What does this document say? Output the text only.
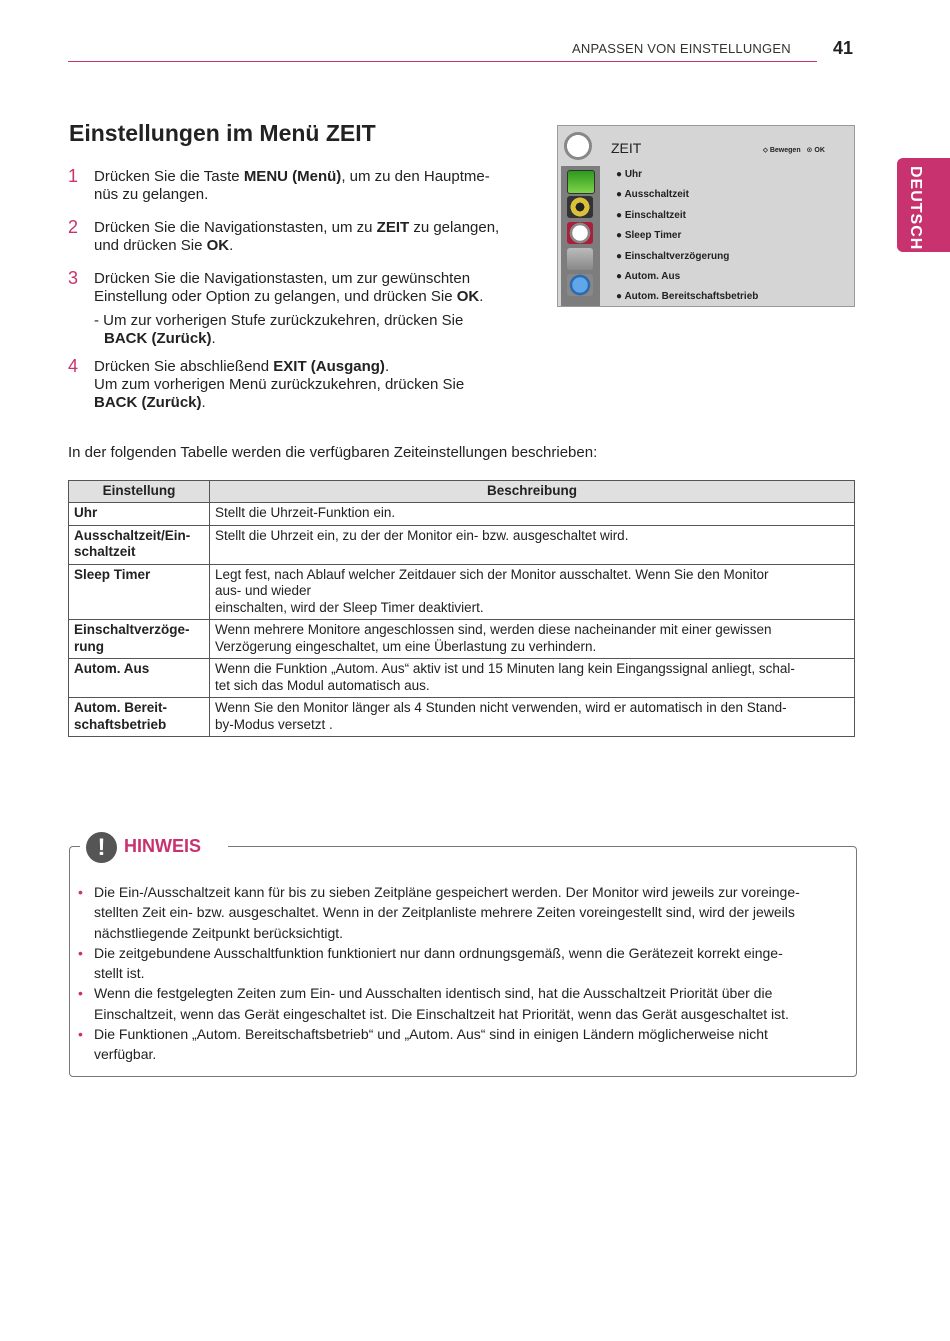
ANPASSEN VON EINSTELLUNGEN 41
DEUTSCH
Einstellungen im Menü ZEIT
1 Drücken Sie die Taste MENU (Menü), um zu den Hauptme-
nüs zu gelangen.
2 Drücken Sie die Navigationstasten, um zu ZEIT zu gelangen,
und drücken Sie OK.
3 Drücken Sie die Navigationstasten, um zur gewünschten
Einstellung oder Option zu gelangen, und drücken Sie OK.
- Um zur vorherigen Stufe zurückzukehren, drücken Sie
BACK (Zurück).
4 Drücken Sie abschließend EXIT (Ausgang).
Um zum vorherigen Menü zurückzukehren, drücken Sie
BACK (Zurück).
ZEIT	⬦ Bewegen ⊙ OK
● Uhr
● Ausschaltzeit
● Einschaltzeit
● Sleep Timer
● Einschaltverzögerung
● Autom. Aus
● Autom. Bereitschaftsbetrieb
In der folgenden Tabelle werden die verfügbaren Zeiteinstellungen beschrieben:
Einstellung	Beschreibung
Uhr	Stellt die Uhrzeit-Funktion ein.
Ausschaltzeit/Ein-
schaltzeit	Stellt die Uhrzeit ein, zu der der Monitor ein- bzw. ausgeschaltet wird.
Sleep Timer	Legt fest, nach Ablauf welcher Zeitdauer sich der Monitor ausschaltet. Wenn Sie den Monitor
aus- und wieder
einschalten, wird der Sleep Timer deaktiviert.
Einschaltverzöge-
rung	Wenn mehrere Monitore angeschlossen sind, werden diese nacheinander mit einer gewissen
Verzögerung eingeschaltet, um eine Überlastung zu verhindern.
Autom. Aus	Wenn die Funktion „Autom. Aus“ aktiv ist und 15 Minuten lang kein Eingangssignal anliegt, schal-
tet sich das Modul automatisch aus.
Autom. Bereit-
schaftsbetrieb	Wenn Sie den Monitor länger als 4 Stunden nicht verwenden, wird er automatisch in den Stand-
by-Modus versetzt .
!	HINWEIS
• Die Ein-/Ausschaltzeit kann für bis zu sieben Zeitpläne gespeichert werden. Der Monitor wird jeweils zur voreinge-
stellten Zeit ein- bzw. ausgeschaltet. Wenn in der Zeitplanliste mehrere Zeiten voreingestellt sind, wird der jeweils
nächstliegende Zeitpunkt berücksichtigt.
• Die zeitgebundene Ausschaltfunktion funktioniert nur dann ordnungsgemäß, wenn die Gerätezeit korrekt einge-
stellt ist.
• Wenn die festgelegten Zeiten zum Ein- und Ausschalten identisch sind, hat die Ausschaltzeit Priorität über die
Einschaltzeit, wenn das Gerät eingeschaltet ist. Die Einschaltzeit hat Priorität, wenn das Gerät ausgeschaltet ist.
• Die Funktionen „Autom. Bereitschaftsbetrieb“ und „Autom. Aus“ sind in einigen Ländern möglicherweise nicht
verfügbar.
